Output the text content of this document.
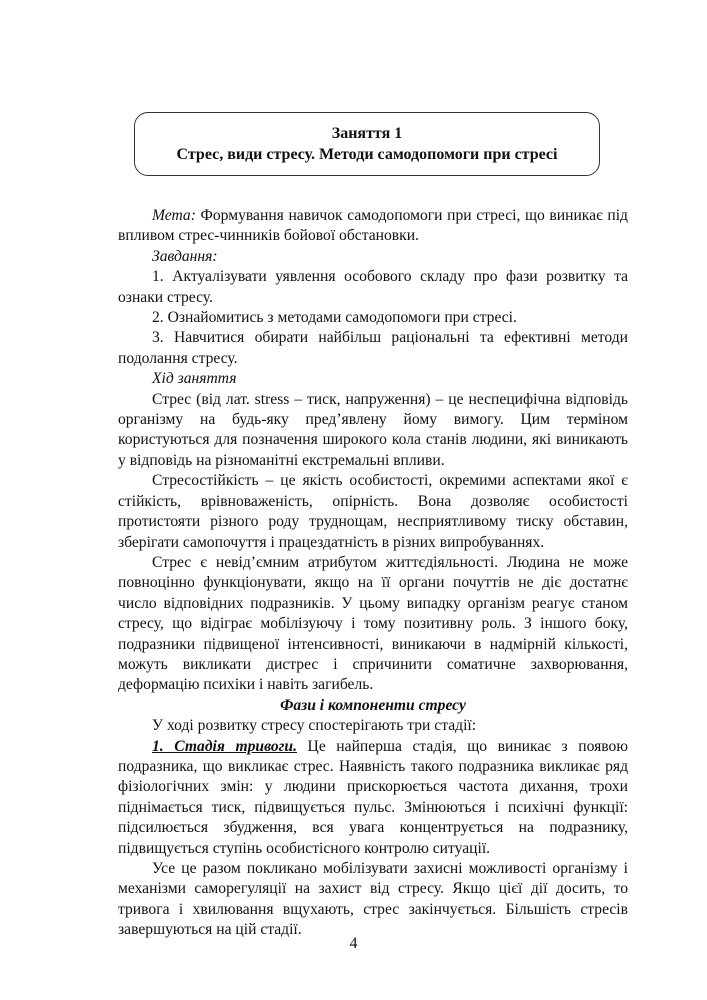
Заняття 1
Стрес, види стресу. Методи самодопомоги при стресі

Мета: Формування навичок самодопомоги при стресі, що виникає під впливом стрес-чинників бойової обстановки.

Завдання:

1. Актуалізувати уявлення особового складу про фази розвитку та ознаки стресу.

2. Ознайомитись з методами самодопомоги при стресі.

3. Навчитися обирати найбільш раціональні та ефективні методи подолання стресу.

Хід заняття

Стрес (від лат. stress – тиск, напруження) – це неспецифічна відповідь організму на будь-яку пред’явлену йому вимогу. Цим терміном користуються для позначення широкого кола станів людини, які виникають у відповідь на різноманітні екстремальні впливи.

Стресостійкість – це якість особистості, окремими аспектами якої є стійкість, врівноваженість, опірність. Вона дозволяє особистості протистояти різного роду труднощам, несприятливому тиску обставин, зберігати самопочуття і працездатність в різних випробуваннях.

Стрес є невід’ємним атрибутом життєдіяльності. Людина не може повноцінно функціонувати, якщо на її органи почуттів не діє достатнє число відповідних подразників. У цьому випадку організм реагує станом стресу, що відіграє мобілізуючу і тому позитивну роль. З іншого боку, подразники підвищеної інтенсивності, виникаючи в надмірній кількості, можуть викликати дистрес і спричинити соматичне захворювання, деформацію психіки і навіть загибель.

Фази і компоненти стресу

У ході розвитку стресу спостерігають три стадії:

1. Стадія тривоги. Це найперша стадія, що виникає з появою подразника, що викликає стрес. Наявність такого подразника викликає ряд фізіологічних змін: у людини прискорюється частота дихання, трохи піднімається тиск, підвищується пульс. Змінюються і психічні функції: підсилюється збудження, вся увага концентрується на подразнику, підвищується ступінь особистісного контролю ситуації.

Усе це разом покликано мобілізувати захисні можливості організму і механізми саморегуляції на захист від стресу. Якщо цієї дії досить, то тривога і хвилювання вщухають, стрес закінчується. Більшість стресів завершуються на цій стадії.

4
